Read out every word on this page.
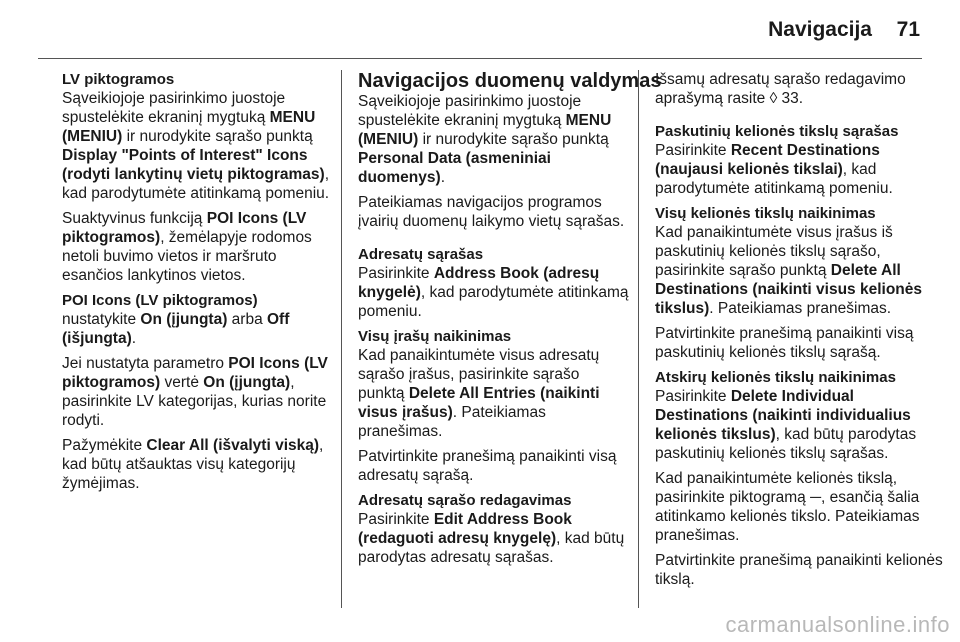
Navigacija 71

LV piktogramos

Sąveikiojoje pasirinkimo juostoje spustelėkite ekraninį mygtuką MENU (MENIU) ir nurodykite sąrašo punktą Display "Points of Interest" Icons (rodyti lankytinų vietų piktogramas), kad parodytumėte atitinkamą pomeniu.

Suaktyvinus funkciją POI Icons (LV piktogramos), žemėlapyje rodomos netoli buvimo vietos ir maršruto esančios lankytinos vietos.

POI Icons (LV piktogramos)

nustatykite On (įjungta) arba Off (išjungta).

Jei nustatyta parametro POI Icons (LV piktogramos) vertė On (įjungta), pasirinkite LV kategorijas, kurias norite rodyti.

Pažymėkite Clear All (išvalyti viską), kad būtų atšauktas visų kategorijų žymėjimas.

Navigacijos duomenų valdymas

Sąveikiojoje pasirinkimo juostoje spustelėkite ekraninį mygtuką MENU (MENIU) ir nurodykite sąrašo punktą Personal Data (asmeniniai duomenys).

Pateikiamas navigacijos programos įvairių duomenų laikymo vietų sąrašas.

Adresatų sąrašas

Pasirinkite Address Book (adresų knygelė), kad parodytumėte atitinkamą pomeniu.

Visų įrašų naikinimas

Kad panaikintumėte visus adresatų sąrašo įrašus, pasirinkite sąrašo punktą Delete All Entries (naikinti visus įrašus). Pateikiamas pranešimas.

Patvirtinkite pranešimą panaikinti visą adresatų sąrašą.

Adresatų sąrašo redagavimas

Pasirinkite Edit Address Book (redaguoti adresų knygelę), kad būtų parodytas adresatų sąrašas.

Išsamų adresatų sąrašo redagavimo aprašymą rasite ◊ 33.

Paskutinių kelionės tikslų sąrašas

Pasirinkite Recent Destinations (naujausi kelionės tikslai), kad parodytumėte atitinkamą pomeniu.

Visų kelionės tikslų naikinimas

Kad panaikintumėte visus įrašus iš paskutinių kelionės tikslų sąrašo, pasirinkite sąrašo punktą Delete All Destinations (naikinti visus kelionės tikslus). Pateikiamas pranešimas.

Patvirtinkite pranešimą panaikinti visą paskutinių kelionės tikslų sąrašą.

Atskirų kelionės tikslų naikinimas

Pasirinkite Delete Individual Destinations (naikinti individualius kelionės tikslus), kad būtų parodytas paskutinių kelionės tikslų sąrašas.

Kad panaikintumėte kelionės tikslą, pasirinkite piktogramą ─, esančią šalia atitinkamo kelionės tikslo. Pateikiamas pranešimas.

Patvirtinkite pranešimą panaikinti kelionės tikslą.

carmanualsonline.info
